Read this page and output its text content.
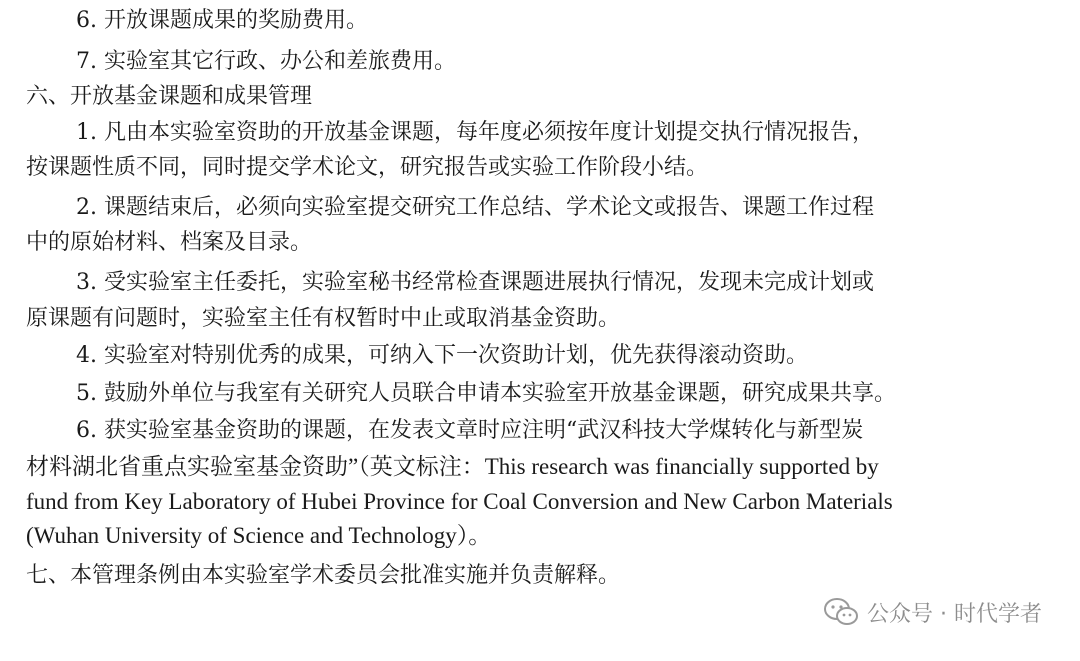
6. 开放课题成果的奖励费用。
7. 实验室其它行政、办公和差旅费用。
六、开放基金课题和成果管理
1. 凡由本实验室资助的开放基金课题，每年度必须按年度计划提交执行情况报告，
按课题性质不同，同时提交学术论文，研究报告或实验工作阶段小结。
2. 课题结束后，必须向实验室提交研究工作总结、学术论文或报告、课题工作过程
中的原始材料、档案及目录。
3. 受实验室主任委托，实验室秘书经常检查课题进展执行情况，发现未完成计划或
原课题有问题时，实验室主任有权暂时中止或取消基金资助。
4. 实验室对特别优秀的成果，可纳入下一次资助计划，优先获得滚动资助。
5. 鼓励外单位与我室有关研究人员联合申请本实验室开放基金课题，研究成果共享。
6. 获实验室基金资助的课题，在发表文章时应注明“武汉科技大学煤转化与新型炭
材料湖北省重点实验室基金资助”（英文标注：This research was financially supported by
fund from Key Laboratory of Hubei Province for Coal Conversion and New Carbon Materials
(Wuhan University of Science and Technology）。
七、本管理条例由本实验室学术委员会批准实施并负责解释。
公众号 · 时代学者
